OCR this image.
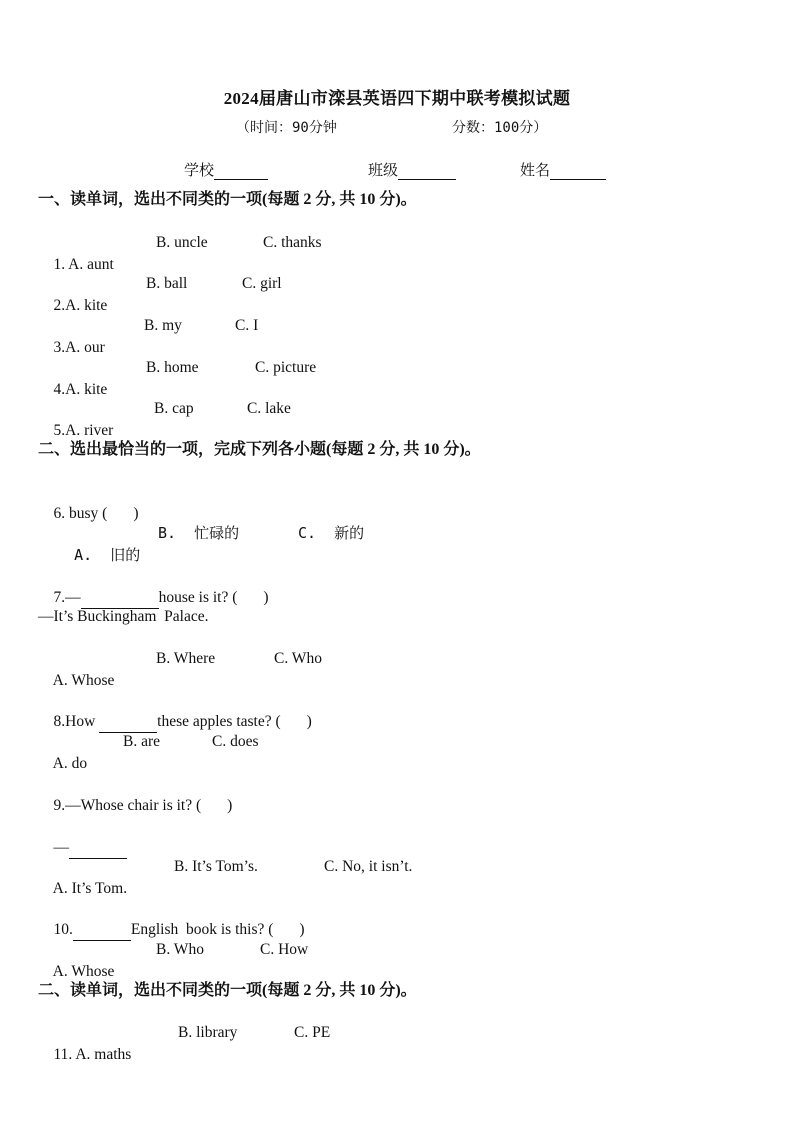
2024届唐山市滦县英语四下期中联考模拟试题
（时间：90分钟	分数：100分）
学校	班级	姓名
一、读单词，选出不同类的一项(每题 2 分, 共 10 分)。

1. A. aunt

B. uncle

	C. thanks

2.A. kite

B. ball

	C. girl

3.A. our

B. my

	C. I

4.A. kite

B. home

	C. picture

5.A. river

B. cap

	C. lake

二、选出最恰当的一项，完成下列各小题(每题 2 分, 共 10 分)。

6. busy ( )

A.  旧的

B.  忙碌的

	C.  新的

7.—	house is it? ( )

—It’s Buckingham  Palace.

A. Whose

B. Where

	C. Who

8.How	these apples taste? ( )

A. do

B. are

	C. does

9.—Whose chair is it? ( )

—

A. It’s Tom.

B. It’s Tom’s.

	C. No, it isn’t.

10.	English  book is this? ( )

A. Whose

B. Who

	C. How

二、读单词，选出不同类的一项(每题 2 分, 共 10 分)。

11. A. maths

B. library

	C. PE
